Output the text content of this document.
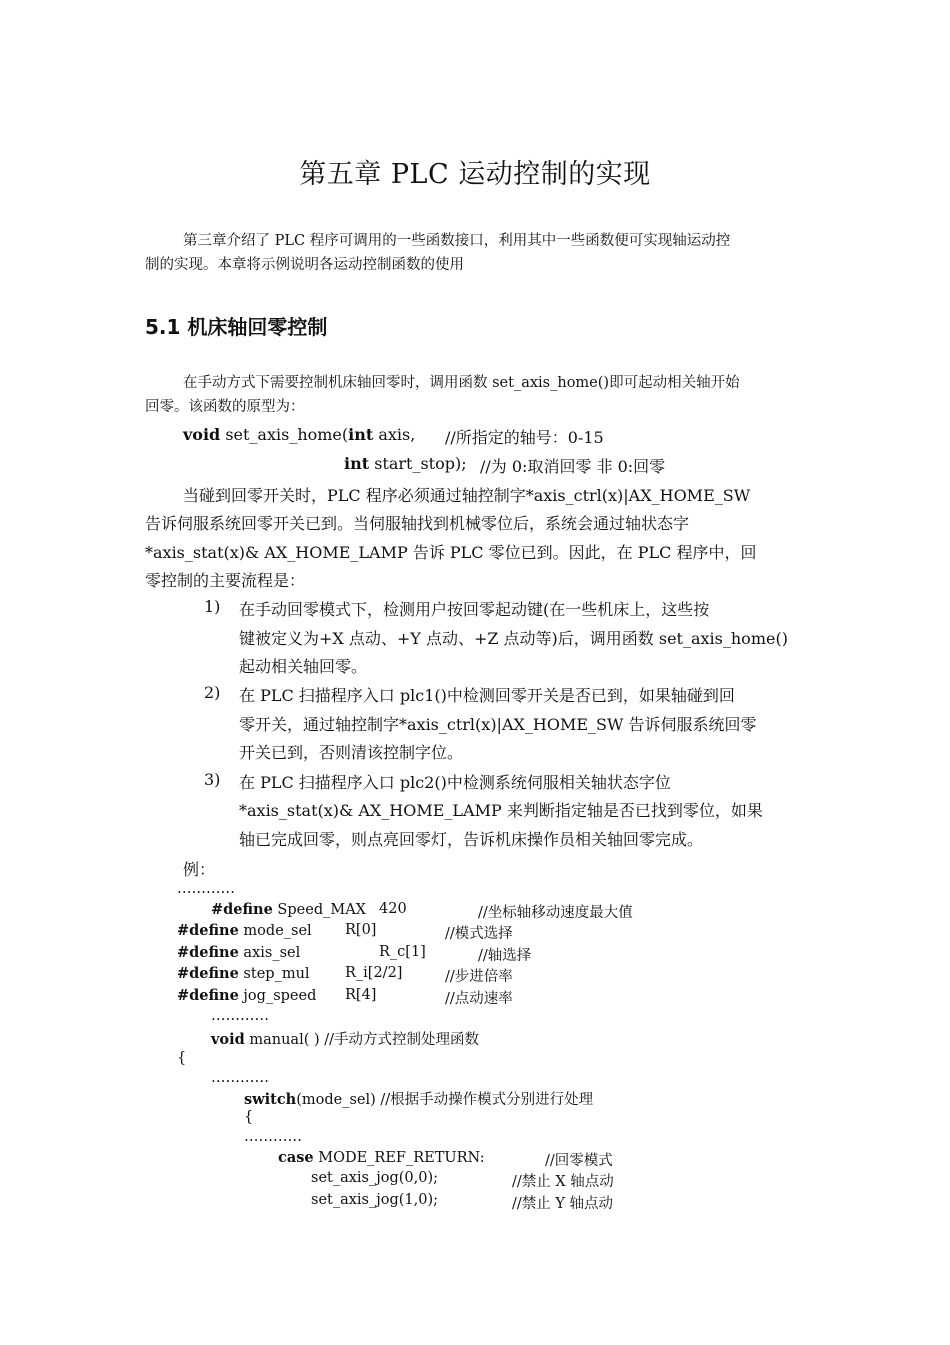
第五章 PLC 运动控制的实现
第三章介绍了 PLC 程序可调用的一些函数接口，利用其中一些函数便可实现轴运动控
制的实现。本章将示例说明各运动控制函数的使用
5.1 机床轴回零控制
在手动方式下需要控制机床轴回零时，调用函数 set_axis_home()即可起动相关轴开始
回零。该函数的原型为：
void set_axis_home(int axis, //所指定的轴号：0-15
int start_stop); //为 0:取消回零 非 0:回零
当碰到回零开关时，PLC 程序必须通过轴控制字*axis_ctrl(x)|AX_HOME_SW
告诉伺服系统回零开关已到。当伺服轴找到机械零位后，系统会通过轴状态字
*axis_stat(x)& AX_HOME_LAMP 告诉 PLC 零位已到。因此，在 PLC 程序中，回
零控制的主要流程是：
1) 在手动回零模式下，检测用户按回零起动键(在一些机床上，这些按
键被定义为+X 点动、+Y 点动、+Z 点动等)后，调用函数 set_axis_home()
起动相关轴回零。
2) 在 PLC 扫描程序入口 plc1()中检测回零开关是否已到，如果轴碰到回
零开关，通过轴控制字*axis_ctrl(x)|AX_HOME_SW 告诉伺服系统回零
开关已到，否则清该控制字位。
3) 在 PLC 扫描程序入口 plc2()中检测系统伺服相关轴状态字位
*axis_stat(x)& AX_HOME_LAMP 来判断指定轴是否已找到零位，如果
轴已完成回零，则点亮回零灯，告诉机床操作员相关轴回零完成。
例：
…………
#define Speed_MAX 420	//坐标轴移动速度最大值
#define mode_sel R[0]	//模式选择
#define axis_sel	R_c[1]	//轴选择
#define step_mul R_i[2/2]	//步进倍率
#define jog_speed R[4]	//点动速率
…………
void manual( ) //手动方式控制处理函数
{
…………
switch(mode_sel) //根据手动操作模式分别进行处理
{
…………
case MODE_REF_RETURN:	//回零模式
set_axis_jog(0,0);	//禁止 X 轴点动
set_axis_jog(1,0);	//禁止 Y 轴点动
